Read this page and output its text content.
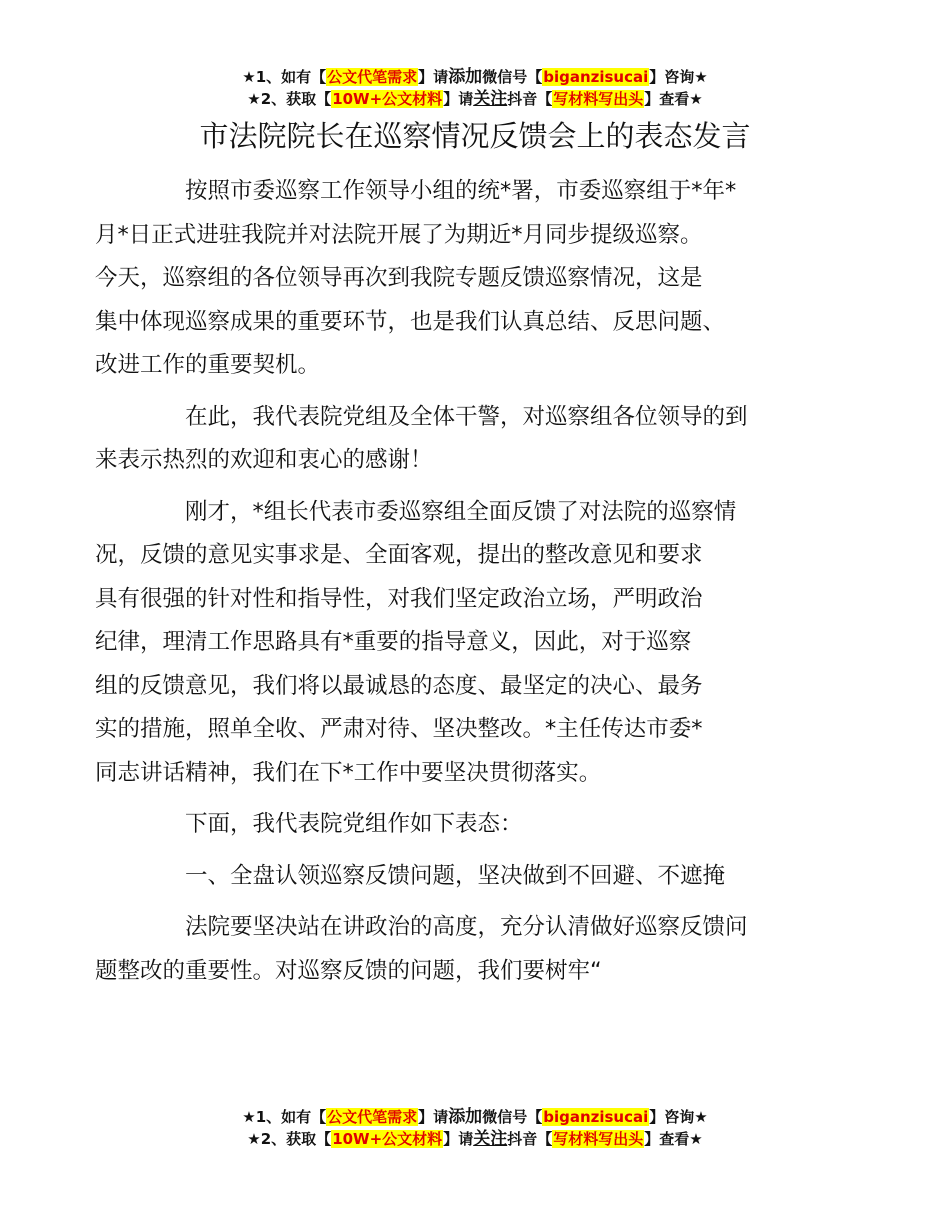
★1、如有【公文代笔需求】请添加微信号【biganzisucai】咨询★
★2、获取【10W+公文材料】请关注抖音【写材料写出头】查看★
市法院院长在巡察情况反馈会上的表态发言
按照市委巡察工作领导小组的统*署，市委巡察组于*年*
月*日正式进驻我院并对法院开展了为期近*月同步提级巡察。
今天，巡察组的各位领导再次到我院专题反馈巡察情况，这是
集中体现巡察成果的重要环节，也是我们认真总结、反思问题、
改进工作的重要契机。
在此，我代表院党组及全体干警，对巡察组各位领导的到
来表示热烈的欢迎和衷心的感谢！
刚才，*组长代表市委巡察组全面反馈了对法院的巡察情
况，反馈的意见实事求是、全面客观，提出的整改意见和要求
具有很强的针对性和指导性，对我们坚定政治立场，严明政治
纪律，理清工作思路具有*重要的指导意义，因此，对于巡察
组的反馈意见，我们将以最诚恳的态度、最坚定的决心、最务
实的措施，照单全收、严肃对待、坚决整改。*主任传达市委*
同志讲话精神，我们在下*工作中要坚决贯彻落实。
下面，我代表院党组作如下表态：
一、全盘认领巡察反馈问题，坚决做到不回避、不遮掩
法院要坚决站在讲政治的高度，充分认清做好巡察反馈问
题整改的重要性。对巡察反馈的问题，我们要树牢“
★1、如有【公文代笔需求】请添加微信号【biganzisucai】咨询★
★2、获取【10W+公文材料】请关注抖音【写材料写出头】查看★
